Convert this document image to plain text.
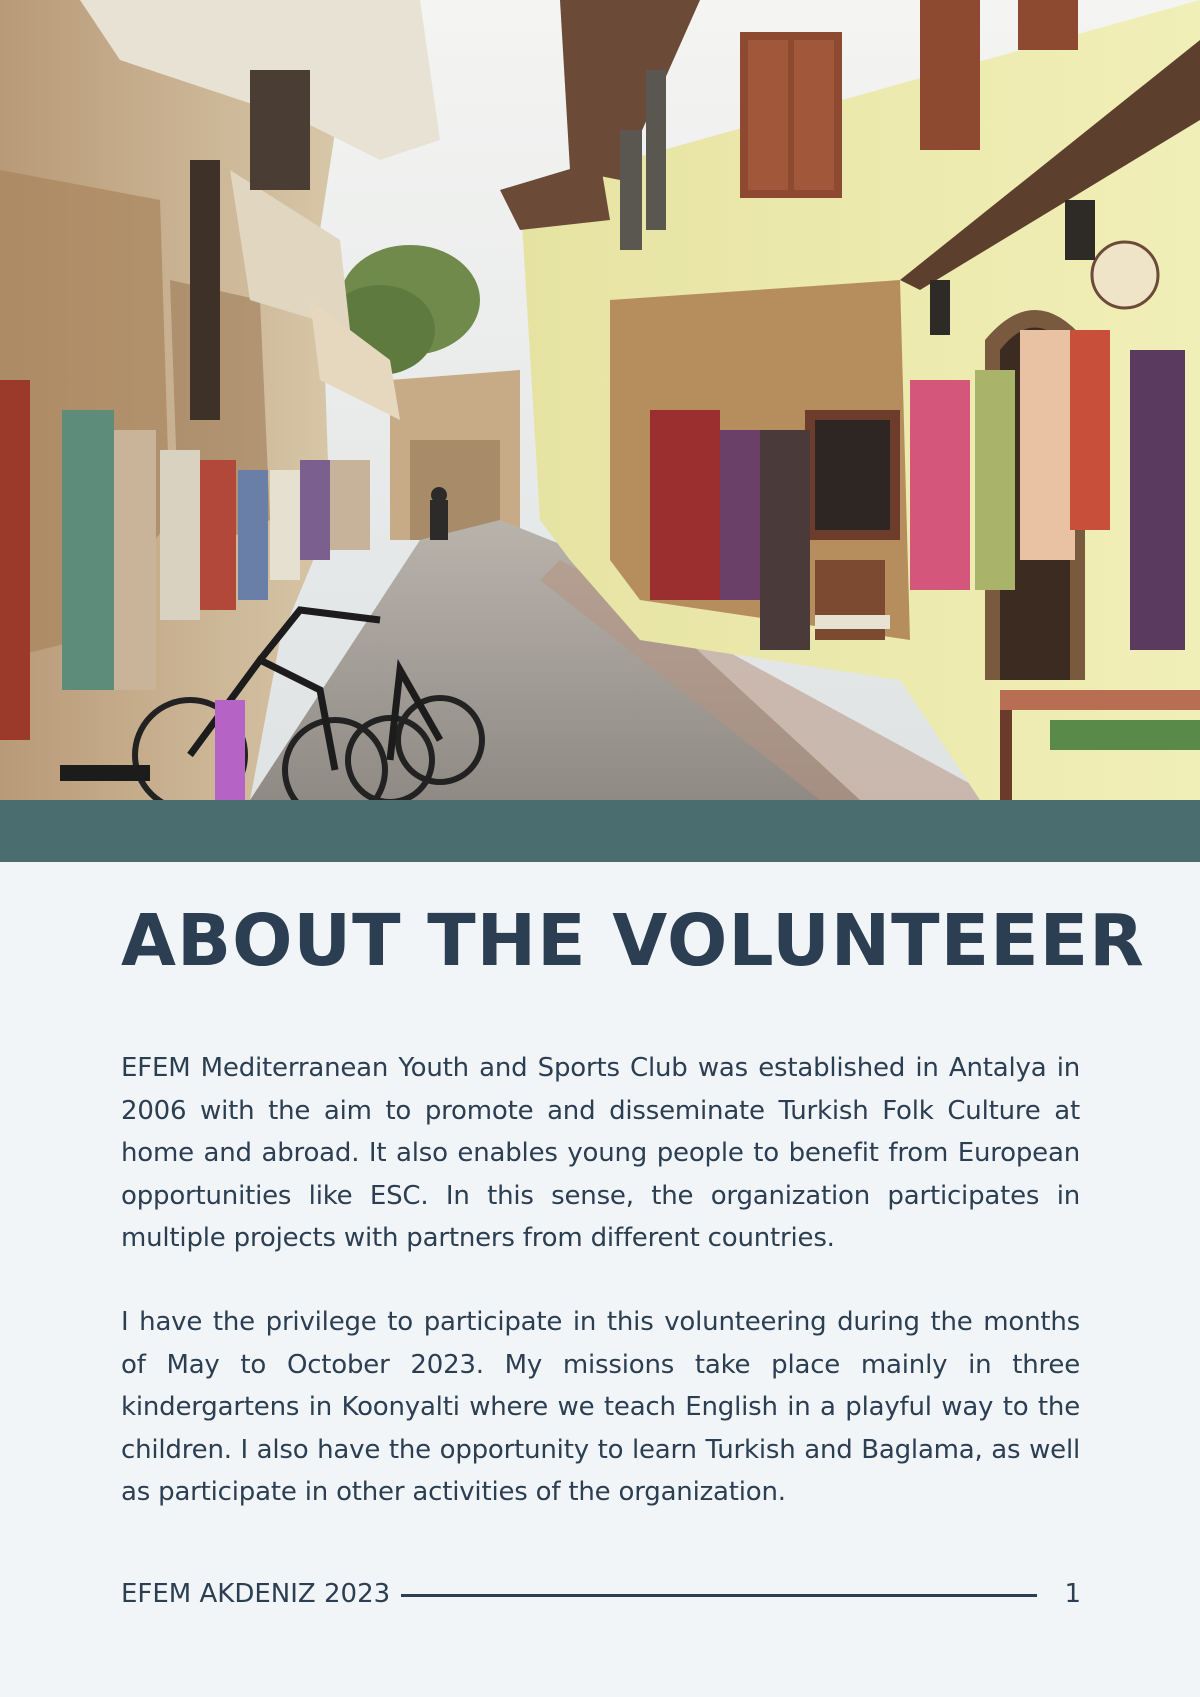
ABOUT THE VOLUNTEEER

EFEM Mediterranean Youth and Sports Club was established in Antalya in 2006 with the aim to promote and disseminate Turkish Folk Culture at home and abroad. It also enables young people to benefit from European opportunities like ESC. In this sense, the organization participates in multiple projects with partners from different countries.

I have the privilege to participate in this volunteering during the months of May to October 2023. My missions take place mainly in three kindergartens in Koonyalti where we teach English in a playful way to the children. I also have the opportunity to learn Turkish and Baglama, as well as participate in other activities of the organization.

EFEM AKDENIZ 2023	1
